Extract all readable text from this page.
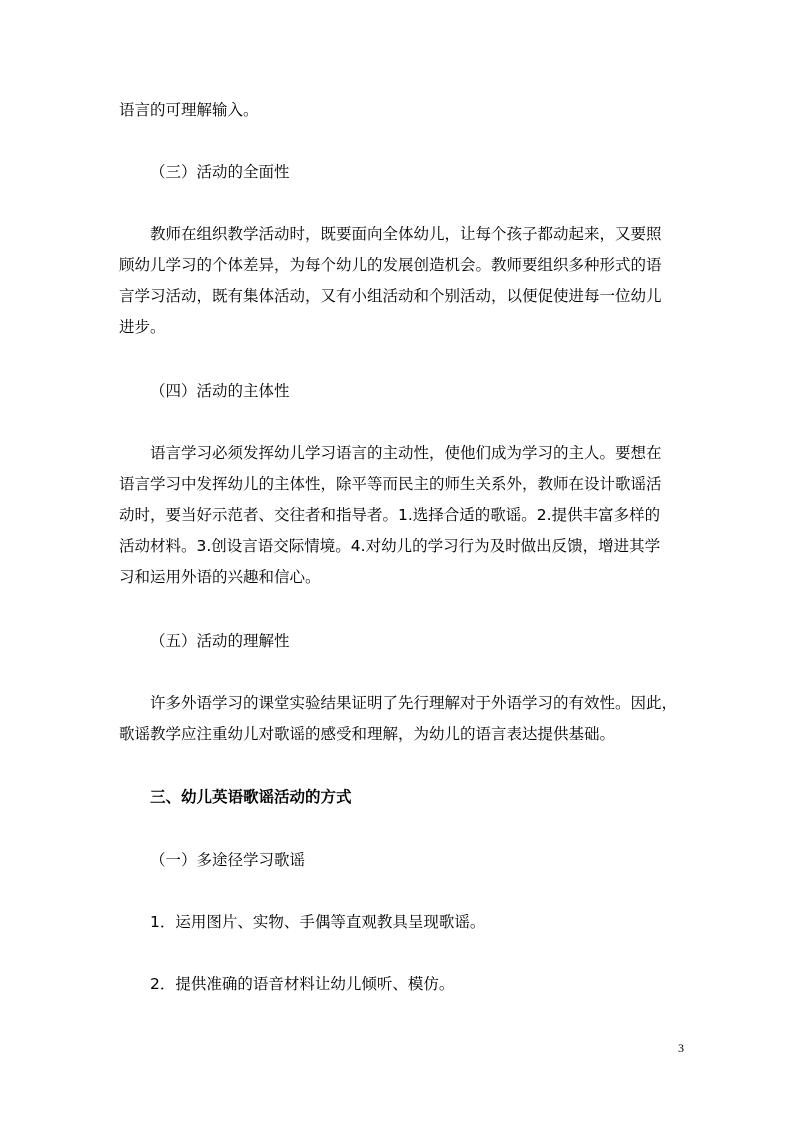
语言的可理解输入。
（三）活动的全面性
教师在组织教学活动时，既要面向全体幼儿，让每个孩子都动起来，又要照
顾幼儿学习的个体差异，为每个幼儿的发展创造机会。教师要组织多种形式的语
言学习活动，既有集体活动，又有小组活动和个别活动，以便促使进每一位幼儿
进步。
（四）活动的主体性
语言学习必须发挥幼儿学习语言的主动性，使他们成为学习的主人。要想在
语言学习中发挥幼儿的主体性，除平等而民主的师生关系外，教师在设计歌谣活
动时，要当好示范者、交往者和指导者。1.选择合适的歌谣。2.提供丰富多样的
活动材料。3.创设言语交际情境。4.对幼儿的学习行为及时做出反馈，增进其学
习和运用外语的兴趣和信心。
（五）活动的理解性
许多外语学习的课堂实验结果证明了先行理解对于外语学习的有效性。因此，
歌谣教学应注重幼儿对歌谣的感受和理解，为幼儿的语言表达提供基础。
三、幼儿英语歌谣活动的方式
（一）多途径学习歌谣
1．运用图片、实物、手偶等直观教具呈现歌谣。
2．提供准确的语音材料让幼儿倾听、模仿。
3
